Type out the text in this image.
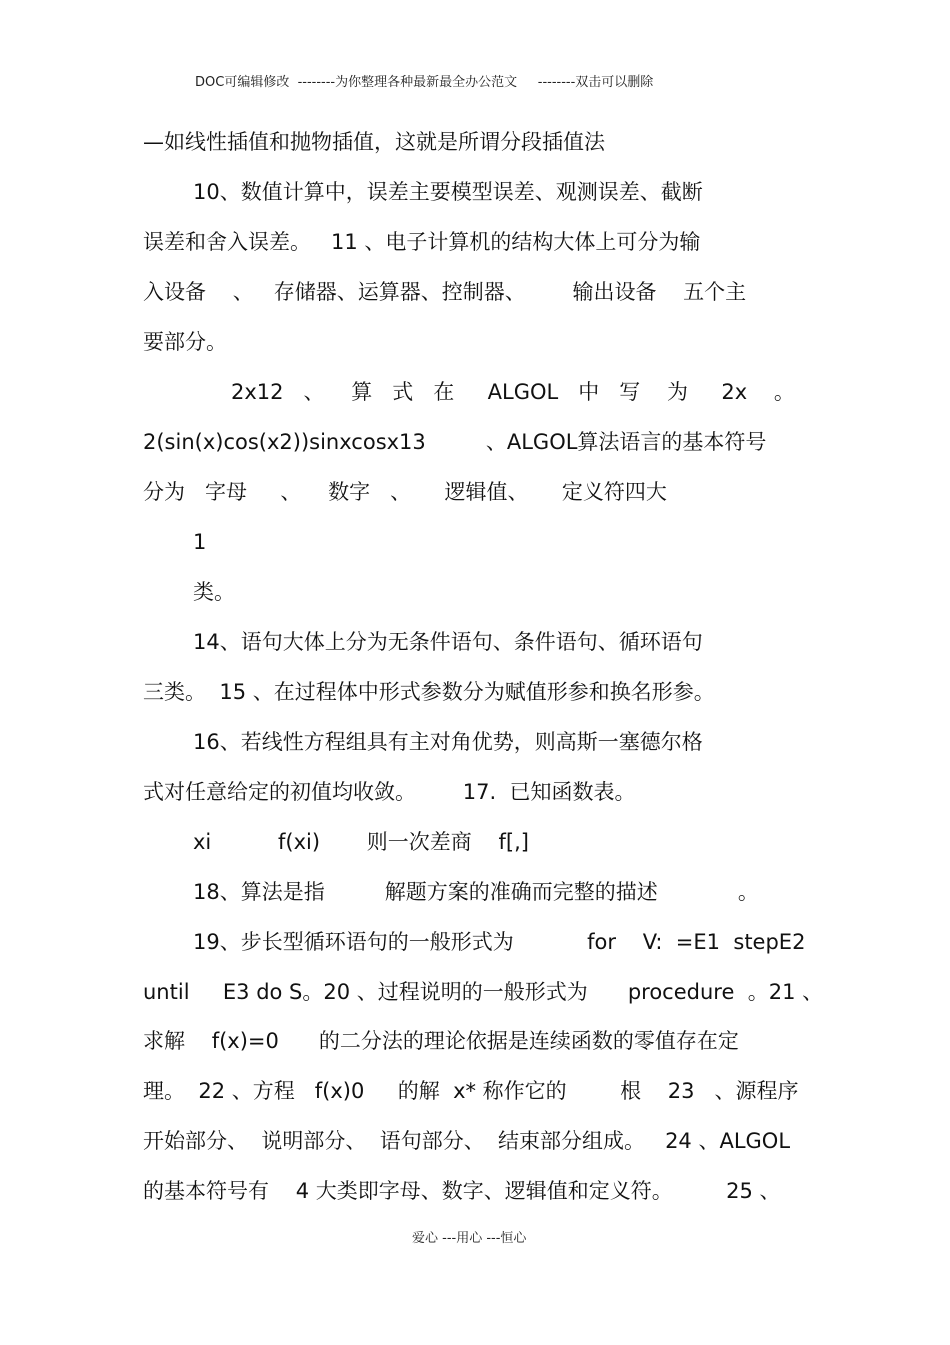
DOC可编辑修改  --------为你整理各种最新最全办公范文     --------双击可以删除
—如线性插值和抛物插值，这就是所谓分段插值法
10、数值计算中，误差主要模型误差、观测误差、截断
误差和舍入误差。   11 、电子计算机的结构大体上可分为输
入设备    、   存储器、运算器、控制器、       输出设备    五个主
要部分。
2x12   、    算   式   在     ALGOL   中   写    为     2x    。
2(sin(x)cos(x2))sinxcosx13         、ALGOL算法语言的基本符号
分为   字母     、    数字   、     逻辑值、     定义符四大
1
类。
14、语句大体上分为无条件语句、条件语句、循环语句
三类。  15 、在过程体中形式参数分为赋值形参和换名形参。
16、若线性方程组具有主对角优势，则高斯一塞德尔格
式对任意给定的初值均收敛。       17.  已知函数表。
xi          f(xi)       则一次差商    f[,]
18、算法是指         解题方案的准确而完整的描述            。
19、步长型循环语句的一般形式为           for    V:  =E1  stepE2
until     E3 do S。20 、过程说明的一般形式为      procedure  。21 、
求解    f(x)=0      的二分法的理论依据是连续函数的零值存在定
理。  22 、方程   f(x)0     的解  x* 称作它的        根    23   、源程序
开始部分、  说明部分、  语句部分、  结束部分组成。   24 、ALGOL
的基本符号有    4 大类即字母、数字、逻辑值和定义符。        25 、
爱心 ---用心 ---恒心
